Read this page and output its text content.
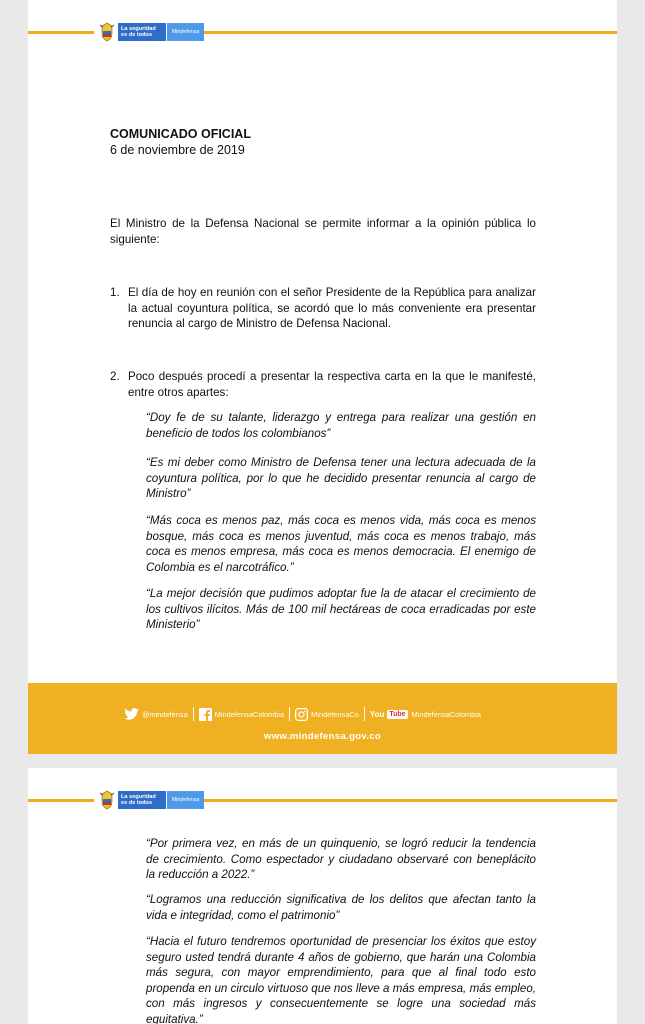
La seguridad
es de todos	Mindefensa
COMUNICADO OFICIAL
6 de noviembre de 2019
El Ministro de la Defensa Nacional se permite informar a la opinión pública lo siguiente:
1. El día de hoy en reunión con el señor Presidente de la República para analizar la actual coyuntura política, se acordó que lo más conveniente era presentar renuncia al cargo de Ministro de Defensa Nacional.
2. Poco después procedí a presentar la respectiva carta en la que le manifesté, entre otros apartes:
“Doy fe de su talante, liderazgo y entrega para realizar una gestión en beneficio de todos los colombianos”
“Es mi deber como Ministro de Defensa tener una lectura adecuada de la coyuntura política, por lo que he decidido presentar renuncia al cargo de Ministro”
“Más coca es menos paz, más coca es menos vida, más coca es menos bosque, más coca es menos juventud, más coca es menos trabajo, más coca es menos empresa, más coca es menos democracia. El enemigo de Colombia es el narcotráfico.”
“La mejor decisión que pudimos adoptar fue la de atacar el crecimiento de los cultivos ilícitos. Más de 100 mil hectáreas de coca erradicadas por este Ministerio”
@mindefensa	MindefensaColombia	MindefensaCo You Tube MindefensaColombia
www.mindefensa.gov.co
La seguridad
es de todos	Mindefensa
“Por primera vez, en más de un quinquenio, se logró reducir la tendencia de crecimiento. Como espectador y ciudadano observaré con beneplácito la reducción a 2022.”
“Logramos una reducción significativa de los delitos que afectan tanto la vida e integridad, como el patrimonio”
“Hacia el futuro tendremos oportunidad de presenciar los éxitos que estoy seguro usted tendrá durante 4 años de gobierno, que harán una Colombia más segura, con mayor emprendimiento, para que al final todo esto propenda en un circulo virtuoso que nos lleve a más empresa, más empleo, con más ingresos y consecuentemente se logre una sociedad más equitativa.”
